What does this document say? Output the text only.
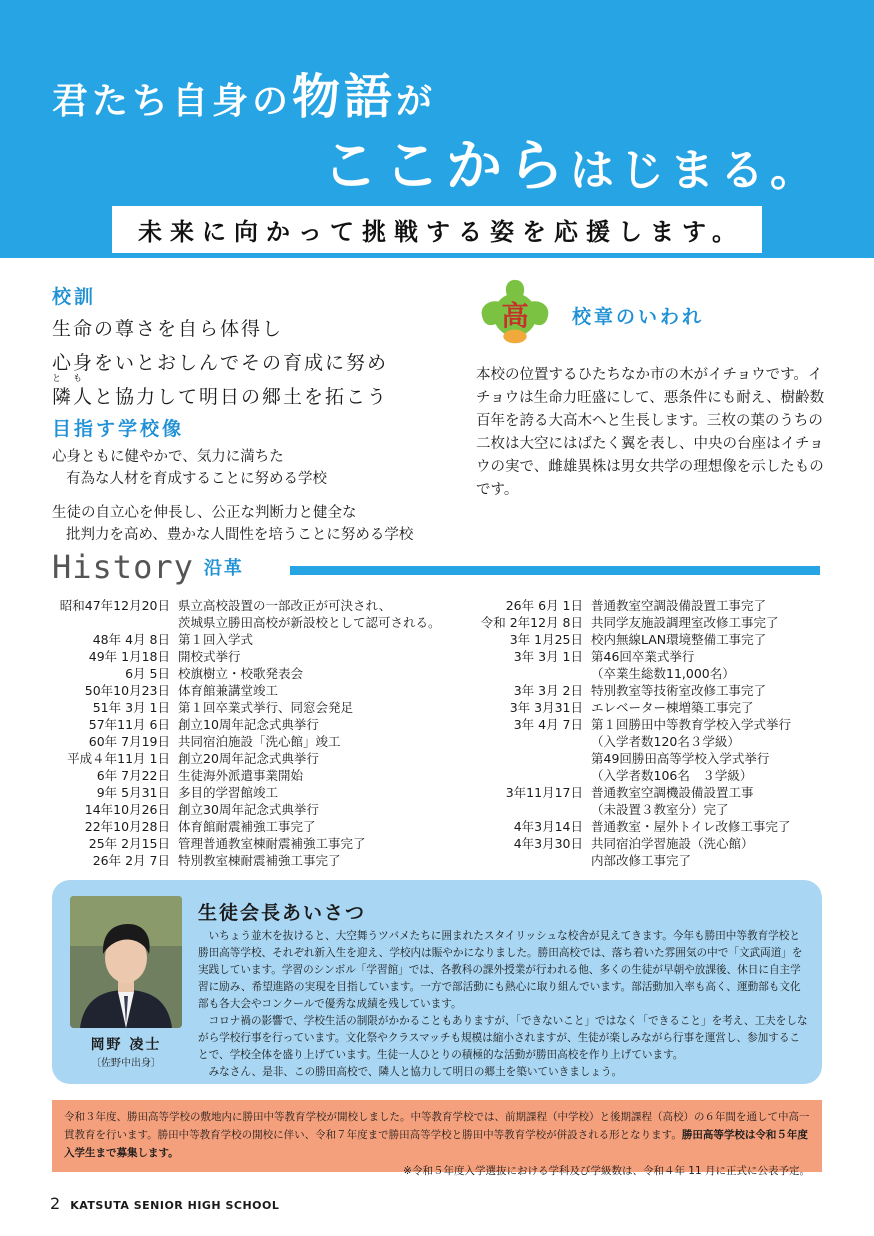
君たち自身の物語が
ここからはじまる。
未来に向かって挑戦する姿を応援します。
校訓
生命の尊さを自ら体得し
心身をいとおしんでその育成に努め
とも
隣人と協力して明日の郷土を拓こう
目指す学校像
心身ともに健やかで、気力に満ちた
有為な人材を育成することに努める学校
生徒の自立心を伸長し、公正な判断力と健全な
批判力を高め、豊かな人間性を培うことに努める学校
高 校章のいわれ
本校の位置するひたちなか市の木がイチョウです。イチョウは生命力旺盛にして、悪条件にも耐え、樹齢数百年を誇る大高木へと生長します。三枚の葉のうちの二枚は大空にはばたく翼を表し、中央の台座はイチョウの実で、雌雄異株は男女共学の理想像を示したものです。
History 沿革
昭和47年12月20日 県立高校設置の一部改正が可決され、
茨城県立勝田高校が新設校として認可される。
48年 4月 8日 第１回入学式
49年 1月18日 開校式挙行
6月 5日 校旗樹立・校歌発表会
50年10月23日 体育館兼講堂竣工
51年 3月 1日 第１回卒業式挙行、同窓会発足
57年11月 6日 創立10周年記念式典挙行
60年 7月19日 共同宿泊施設「洗心館」竣工
平成４年11月 1日 創立20周年記念式典挙行
6年 7月22日 生徒海外派遣事業開始
9年 5月31日 多目的学習館竣工
14年10月26日 創立30周年記念式典挙行
22年10月28日 体育館耐震補強工事完了
25年 2月15日 管理普通教室棟耐震補強工事完了
26年 2月 7日 特別教室棟耐震補強工事完了
26年 6月 1日 普通教室空調設備設置工事完了
令和 2年12月 8日 共同学友施設調理室改修工事完了
3年 1月25日 校内無線LAN環境整備工事完了
3年 3月 1日 第46回卒業式挙行
（卒業生総数11,000名）
3年 3月 2日 特別教室等技術室改修工事完了
3年 3月31日 エレベーター棟増築工事完了
3年 4月 7日 第１回勝田中等教育学校入学式挙行
（入学者数120名３学級）
第49回勝田高等学校入学式挙行
（入学者数106名　３学級）
3年11月17日 普通教室空調機設備設置工事
（未設置３教室分）完了
4年3月14日 普通教室・屋外トイレ改修工事完了
4年3月30日 共同宿泊学習施設（洗心館）
内部改修工事完了
岡野 凌士
〔佐野中出身〕
生徒会長あいさつ

いちょう並木を抜けると、大空舞うツバメたちに囲まれたスタイリッシュな校舎が見えてきます。今年も勝田中等教育学校と勝田高等学校、それぞれ新入生を迎え、学校内は賑やかになりました。勝田高校では、落ち着いた雰囲気の中で「文武両道」を実践しています。学習のシンボル「学習館」では、各教科の課外授業が行われる他、多くの生徒が早朝や放課後、休日に自主学習に励み、希望進路の実現を目指しています。一方で部活動にも熱心に取り組んでいます。部活動加入率も高く、運動部も文化部も各大会やコンクールで優秀な成績を残しています。

コロナ禍の影響で、学校生活の制限がかかることもありますが、「できないこと」ではなく「できること」を考え、工夫をしながら学校行事を行っています。文化祭やクラスマッチも規模は縮小されますが、生徒が楽しみながら行事を運営し、参加することで、学校全体を盛り上げています。生徒一人ひとりの積極的な活動が勝田高校を作り上げています。

みなさん、是非、この勝田高校で、隣人と協力して明日の郷土を築いていきましょう。

令和３年度、勝田高等学校の敷地内に勝田中等教育学校が開校しました。中等教育学校では、前期課程（中学校）と後期課程（高校）の６年間を通して中高一貫教育を行います。勝田中等教育学校の開校に伴い、令和７年度まで勝田高等学校と勝田中等教育学校が併設される形となります。勝田高等学校は令和５年度入学生まで募集します。
※令和５年度入学選抜における学科及び学級数は、令和４年 11 月に正式に公表予定。
2 KATSUTA SENIOR HIGH SCHOOL
